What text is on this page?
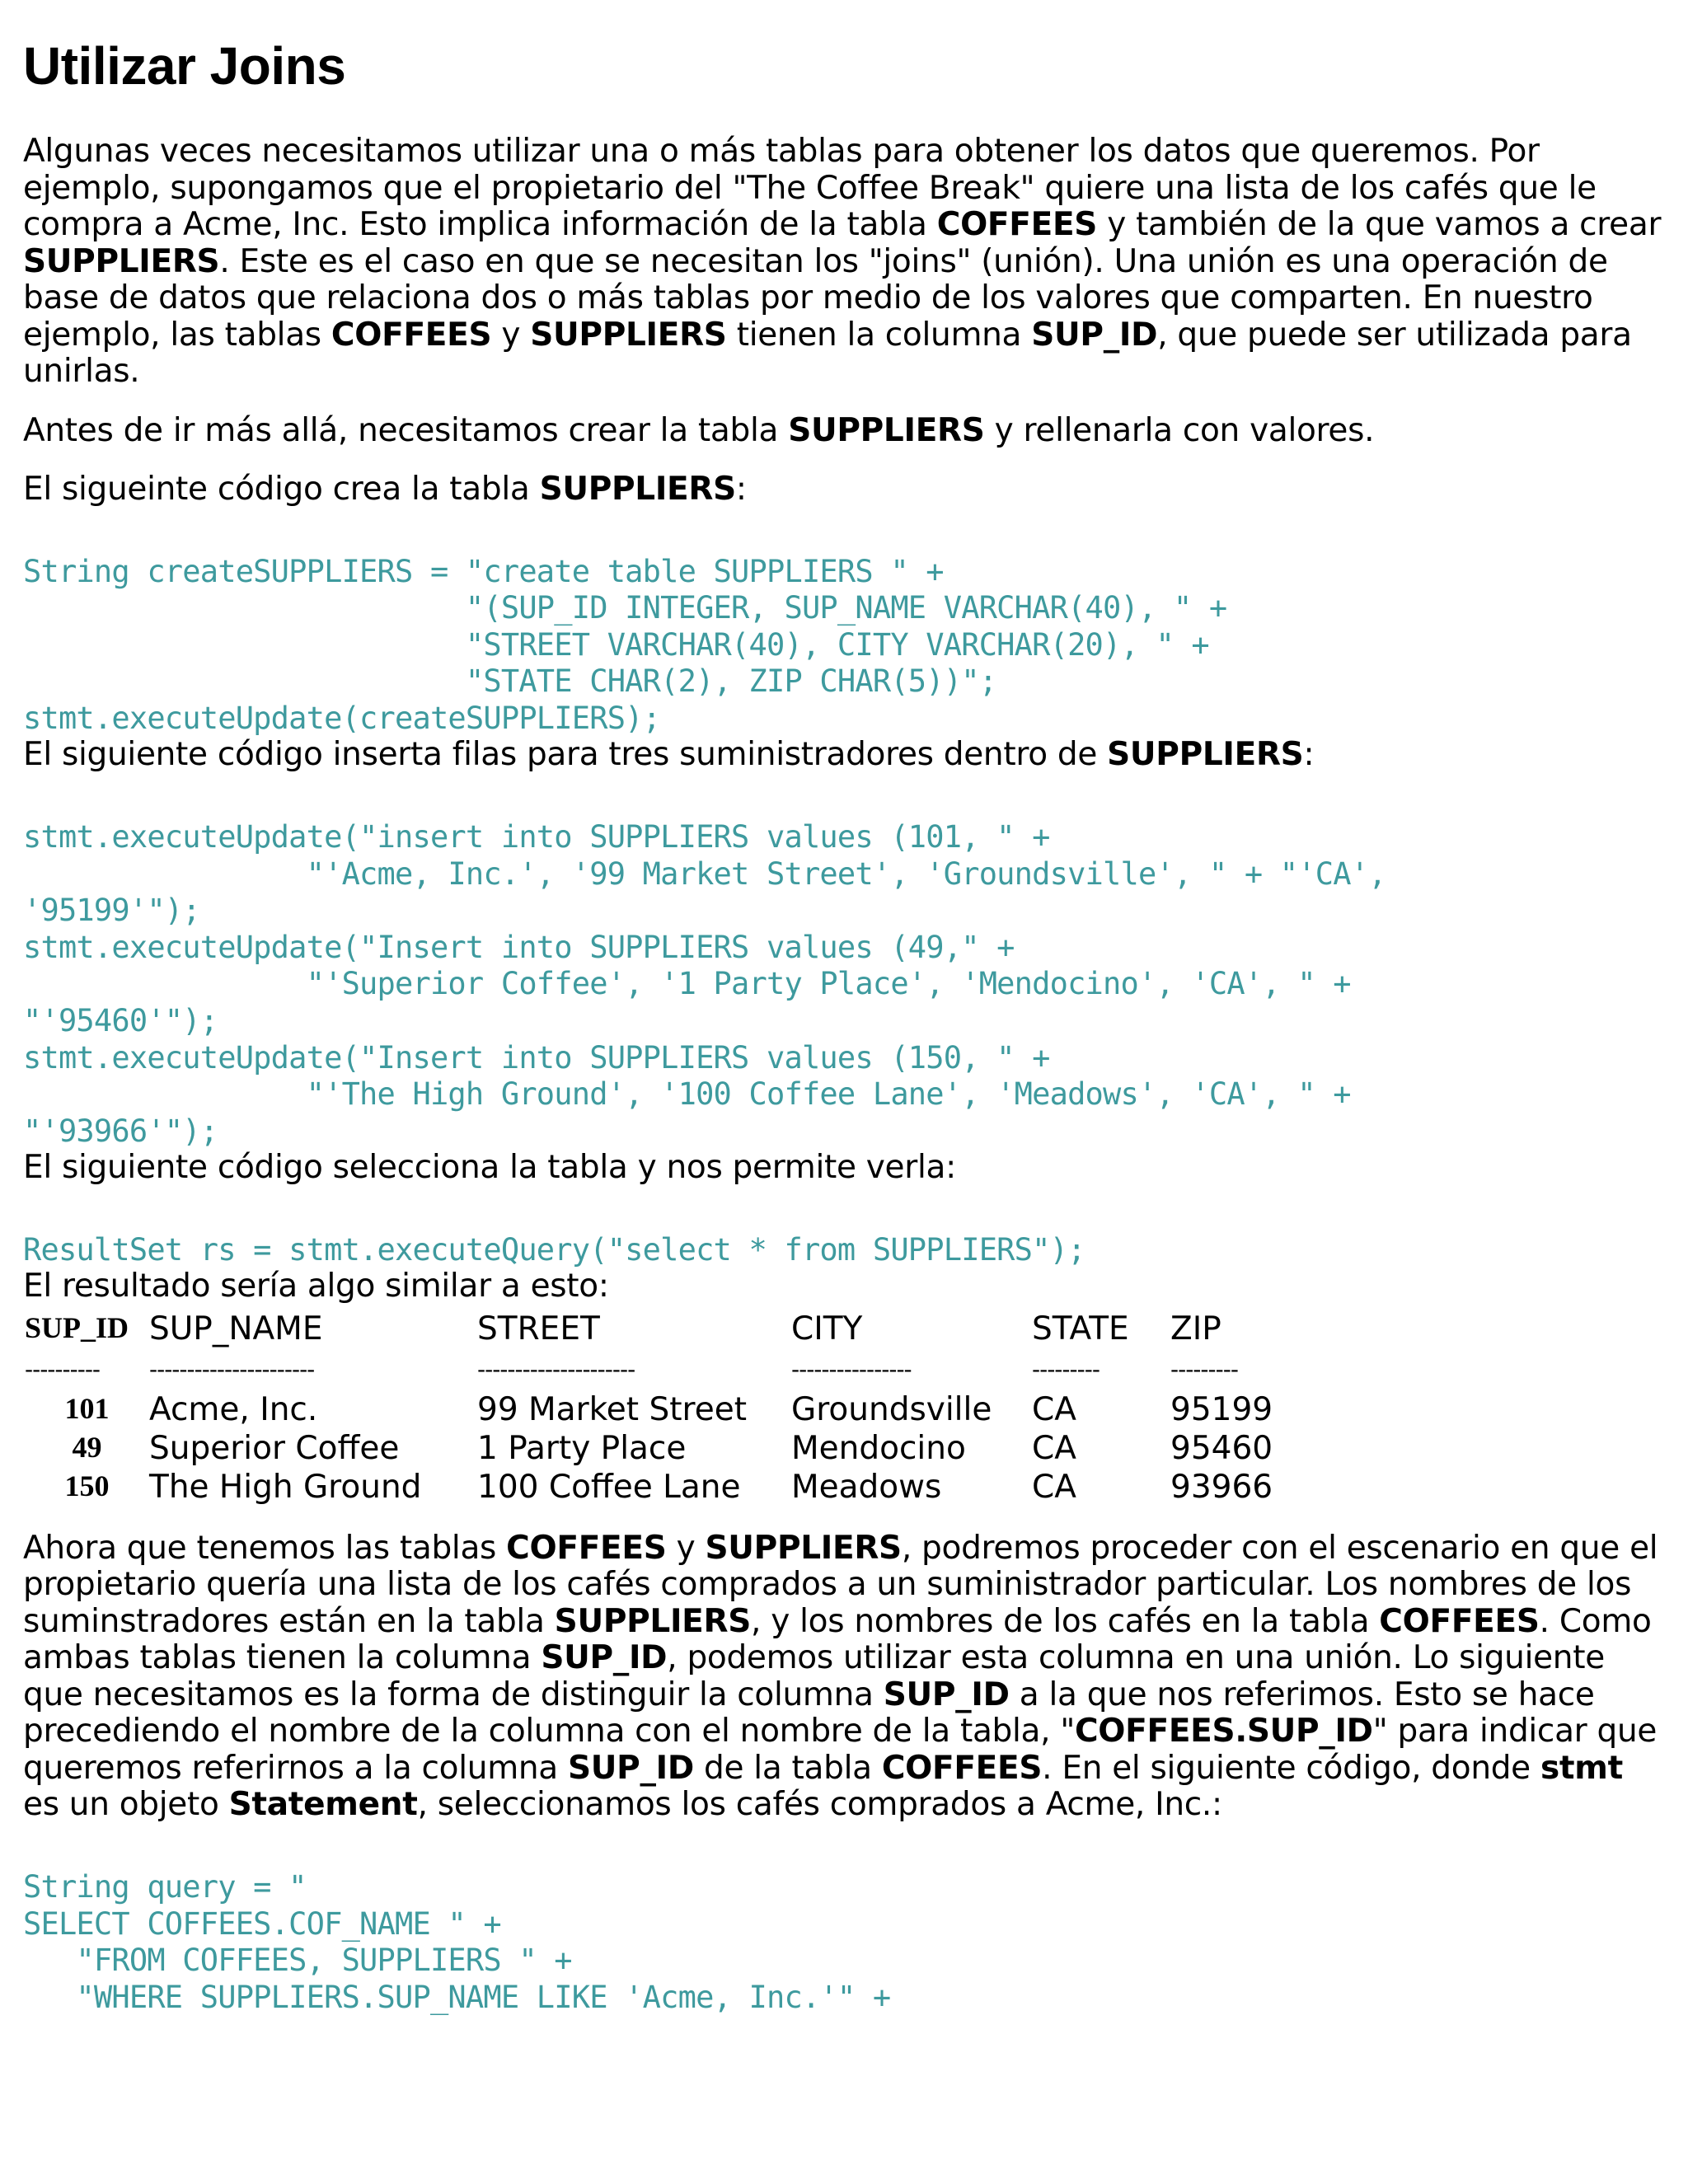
Utilizar Joins

Algunas veces necesitamos utilizar una o más tablas para obtener los datos que queremos. Por ejemplo, supongamos que el propietario del "The Coffee Break" quiere una lista de los cafés que le compra a Acme, Inc. Esto implica información de la tabla COFFEES y también de la que vamos a crear SUPPLIERS. Este es el caso en que se necesitan los "joins" (unión). Una unión es una operación de base de datos que relaciona dos o más tablas por medio de los valores que comparten. En nuestro ejemplo, las tablas COFFEES y SUPPLIERS tienen la columna SUP_ID, que puede ser utilizada para unirlas.

Antes de ir más allá, necesitamos crear la tabla SUPPLIERS y rellenarla con valores.

El sigueinte código crea la tabla SUPPLIERS:

String createSUPPLIERS = "create table SUPPLIERS " +
"(SUP_ID INTEGER, SUP_NAME VARCHAR(40), " +
"STREET VARCHAR(40), CITY VARCHAR(20), " +
"STATE CHAR(2), ZIP CHAR(5))";
stmt.executeUpdate(createSUPPLIERS);

El siguiente código inserta filas para tres suministradores dentro de SUPPLIERS:

stmt.executeUpdate("insert into SUPPLIERS values (101, " +
"'Acme, Inc.', '99 Market Street', 'Groundsville', " + "'CA',
'95199'");
stmt.executeUpdate("Insert into SUPPLIERS values (49," +
"'Superior Coffee', '1 Party Place', 'Mendocino', 'CA', " +
"'95460'");
stmt.executeUpdate("Insert into SUPPLIERS values (150, " +
"'The High Ground', '100 Coffee Lane', 'Meadows', 'CA', " +
"'93966'");

El siguiente código selecciona la tabla y nos permite verla:

ResultSet rs = stmt.executeQuery("select * from SUPPLIERS");

El resultado sería algo similar a esto:

SUP_ID	SUP_NAME	STREET	CITY	STATE	ZIP
----------	----------------------	---------------------	----------------	---------	---------
101	Acme, Inc.	99 Market Street	Groundsville	CA	95199
49	Superior Coffee	1 Party Place	Mendocino	CA	95460
150	The High Ground	100 Coffee Lane	Meadows	CA	93966

Ahora que tenemos las tablas COFFEES y SUPPLIERS, podremos proceder con el escenario en que el propietario quería una lista de los cafés comprados a un suministrador particular. Los nombres de los suminstradores están en la tabla SUPPLIERS, y los nombres de los cafés en la tabla COFFEES. Como ambas tablas tienen la columna SUP_ID, podemos utilizar esta columna en una unión. Lo siguiente que necesitamos es la forma de distinguir la columna SUP_ID a la que nos referimos. Esto se hace precediendo el nombre de la columna con el nombre de la tabla, "COFFEES.SUP_ID" para indicar que queremos referirnos a la columna SUP_ID de la tabla COFFEES. En el siguiente código, donde stmt es un objeto Statement, seleccionamos los cafés comprados a Acme, Inc.:

String query = "
SELECT COFFEES.COF_NAME " +
"FROM COFFEES, SUPPLIERS " +
"WHERE SUPPLIERS.SUP_NAME LIKE 'Acme, Inc.'" +
